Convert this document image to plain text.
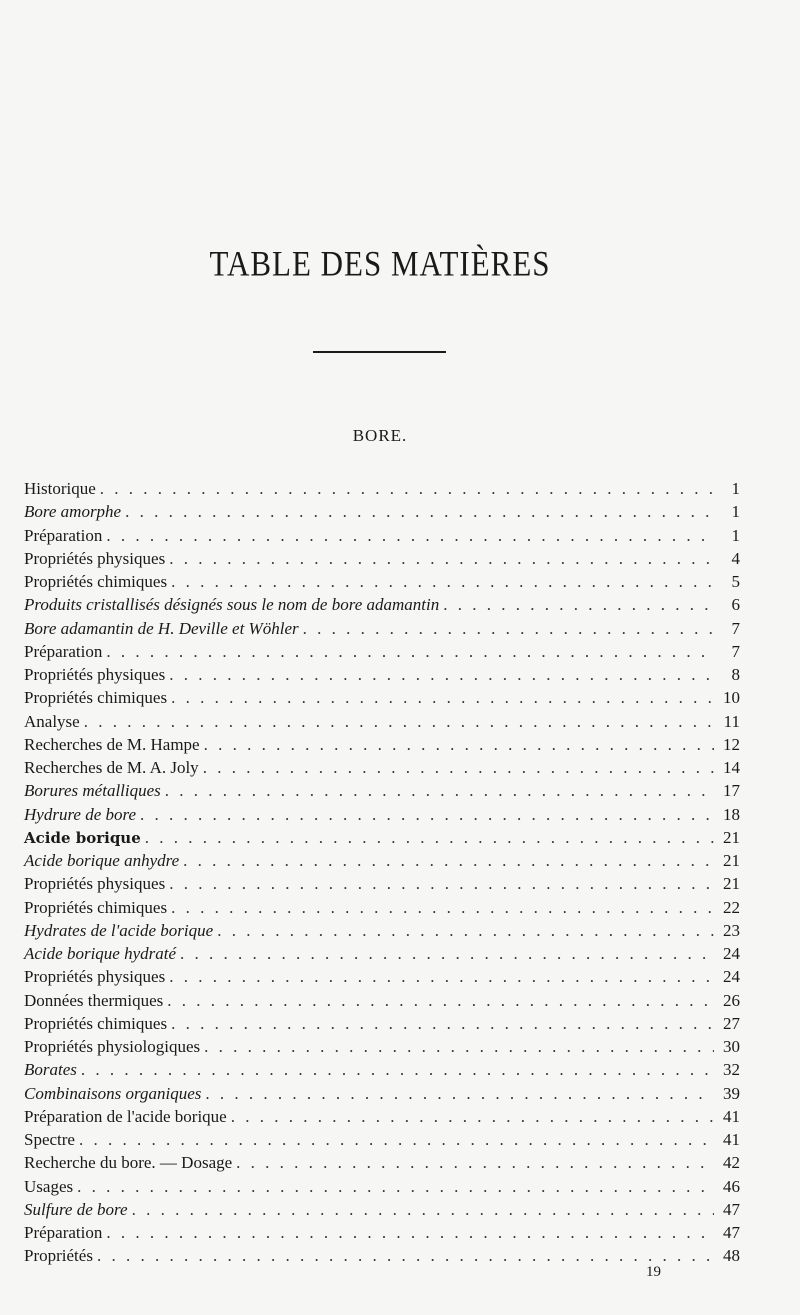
TABLE DES MATIÈRES
BORE.
Historique . . .	1
Bore amorphe . . .	1
Préparation . . .	1
Propriétés physiques . . .	4
Propriétés chimiques . . .	5
Produits cristallisés désignés sous le nom de bore adamantin . . .	6
Bore adamantin de H. Deville et Wöhler . . .	7
Préparation . . .	7
Propriétés physiques . . .	8
Propriétés chimiques . . .	10
Analyse . . .	11
Recherches de M. Hampe . . .	12
Recherches de M. A. Joly . . .	14
Borures métalliques . . .	17
Hydrure de bore . . .	18
Acide borique . . .	21
Acide borique anhydre . . .	21
Propriétés physiques . . .	21
Propriétés chimiques . . .	22
Hydrates de l'acide borique . . .	23
Acide borique hydraté . . .	24
Propriétés physiques . . .	24
Données thermiques . . .	26
Propriétés chimiques . . .	27
Propriétés physiologiques . . .	30
Borates . . .	32
Combinaisons organiques . . .	39
Préparation de l'acide borique . . .	41
Spectre . . .	41
Recherche du bore. — Dosage . . .	42
Usages . . .	46
Sulfure de bore . . .	47
Préparation . . .	47
Propriétés . . .	48
19
